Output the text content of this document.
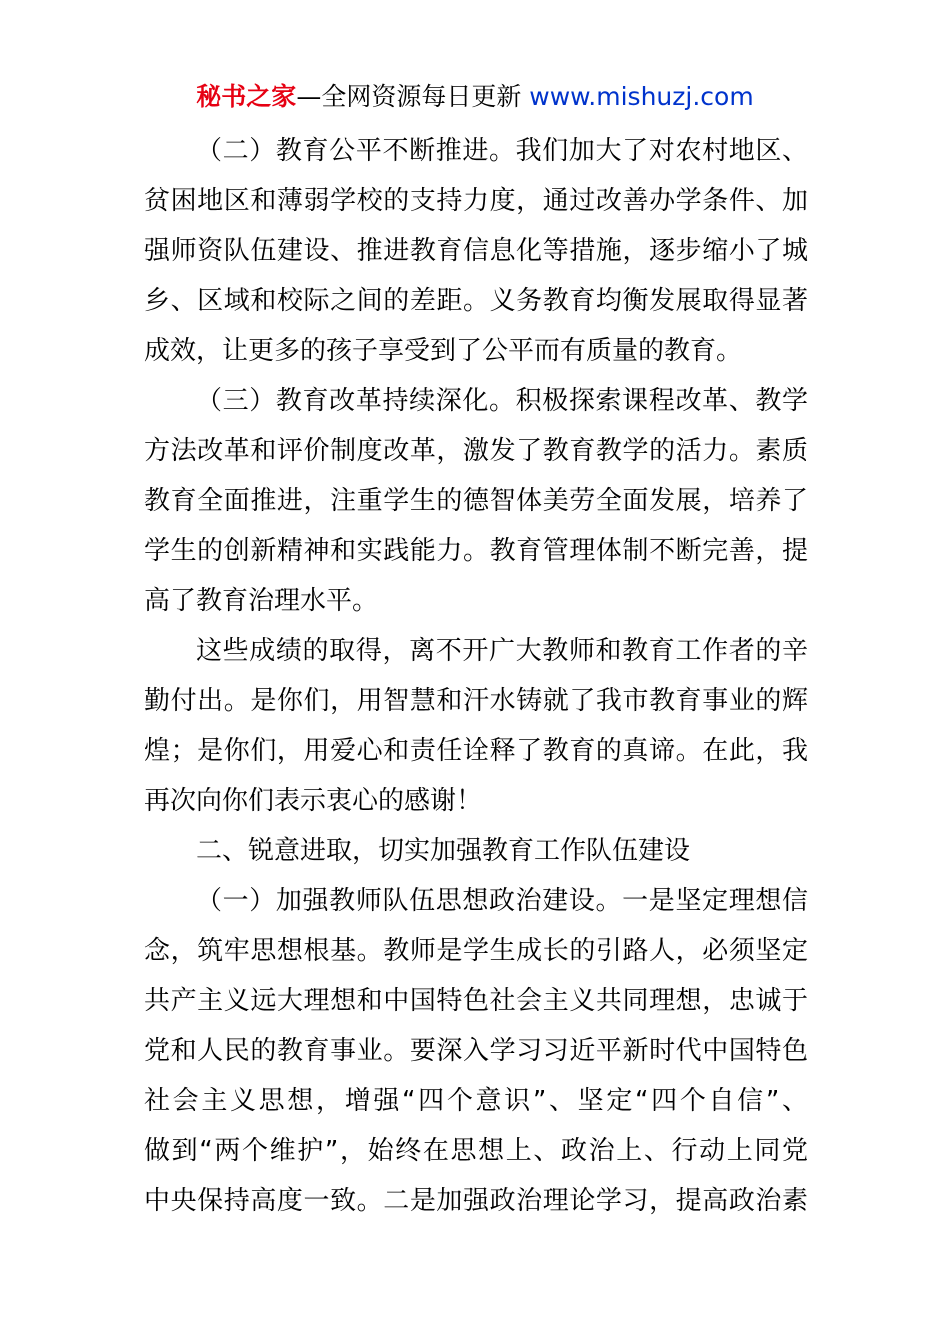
秘书之家—全网资源每日更新 www.mishuzj.com
（二）教育公平不断推进。我们加大了对农村地区、
贫困地区和薄弱学校的支持力度，通过改善办学条件、加
强师资队伍建设、推进教育信息化等措施，逐步缩小了城
乡、区域和校际之间的差距。义务教育均衡发展取得显著
成效，让更多的孩子享受到了公平而有质量的教育。
（三）教育改革持续深化。积极探索课程改革、教学
方法改革和评价制度改革，激发了教育教学的活力。素质
教育全面推进，注重学生的德智体美劳全面发展，培养了
学生的创新精神和实践能力。教育管理体制不断完善，提
高了教育治理水平。
这些成绩的取得，离不开广大教师和教育工作者的辛
勤付出。是你们，用智慧和汗水铸就了我市教育事业的辉
煌；是你们，用爱心和责任诠释了教育的真谛。在此，我
再次向你们表示衷心的感谢！
二、锐意进取，切实加强教育工作队伍建设
（一）加强教师队伍思想政治建设。一是坚定理想信
念，筑牢思想根基。教师是学生成长的引路人，必须坚定
共产主义远大理想和中国特色社会主义共同理想，忠诚于
党和人民的教育事业。要深入学习习近平新时代中国特色
社会主义思想，增强“四个意识”、坚定“四个自信”、
做到“两个维护”，始终在思想上、政治上、行动上同党
中央保持高度一致。二是加强政治理论学习，提高政治素
